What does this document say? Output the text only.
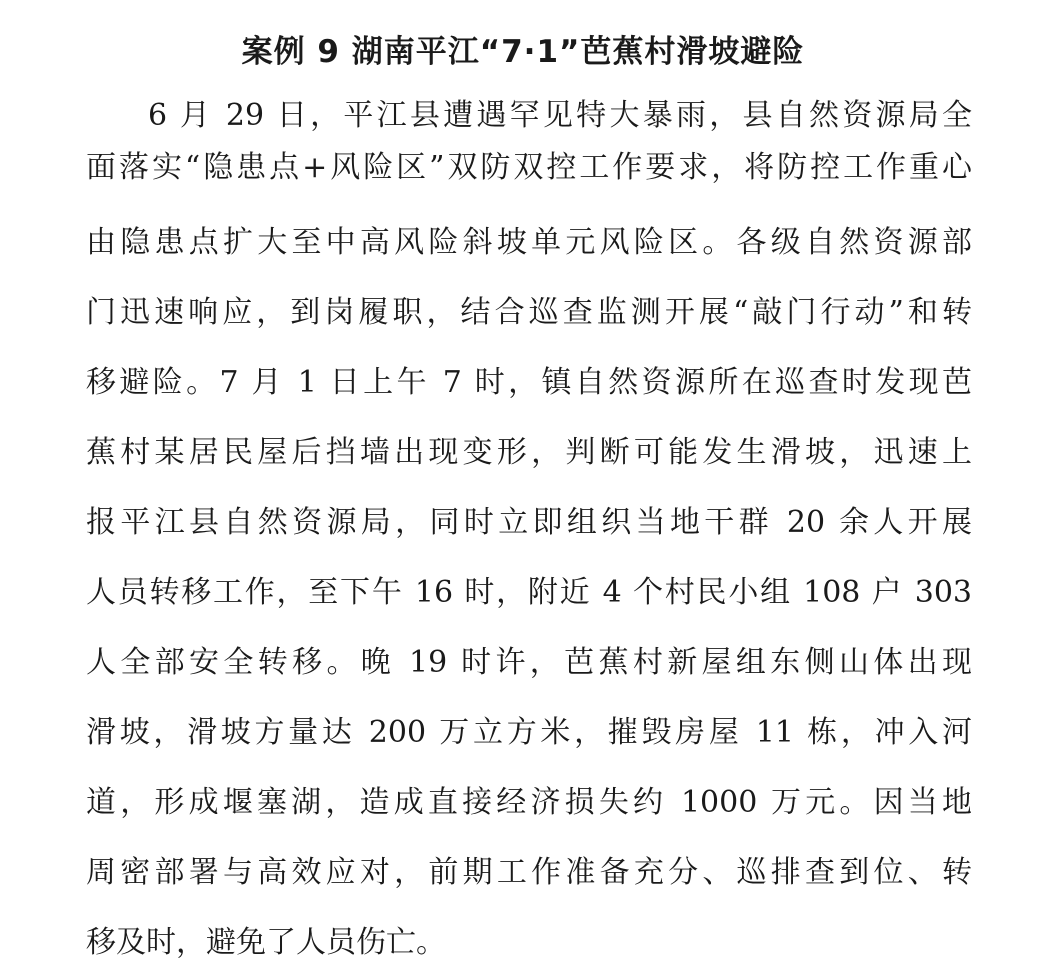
案例 9 湖南平江“7·1”芭蕉村滑坡避险
6 月 29 日，平江县遭遇罕见特大暴雨，县自然资源局全
面落实“隐患点+风险区”双防双控工作要求，将防控工作重心
由隐患点扩大至中高风险斜坡单元风险区。各级自然资源部
门迅速响应，到岗履职，结合巡查监测开展“敲门行动”和转
移避险。7 月 1 日上午 7 时，镇自然资源所在巡查时发现芭
蕉村某居民屋后挡墙出现变形，判断可能发生滑坡，迅速上
报平江县自然资源局，同时立即组织当地干群 20 余人开展
人员转移工作，至下午 16 时，附近 4 个村民小组 108 户 303
人全部安全转移。晚 19 时许，芭蕉村新屋组东侧山体出现
滑坡，滑坡方量达 200 万立方米，摧毁房屋 11 栋，冲入河
道，形成堰塞湖，造成直接经济损失约 1000 万元。因当地
周密部署与高效应对，前期工作准备充分、巡排查到位、转
移及时，避免了人员伤亡。
